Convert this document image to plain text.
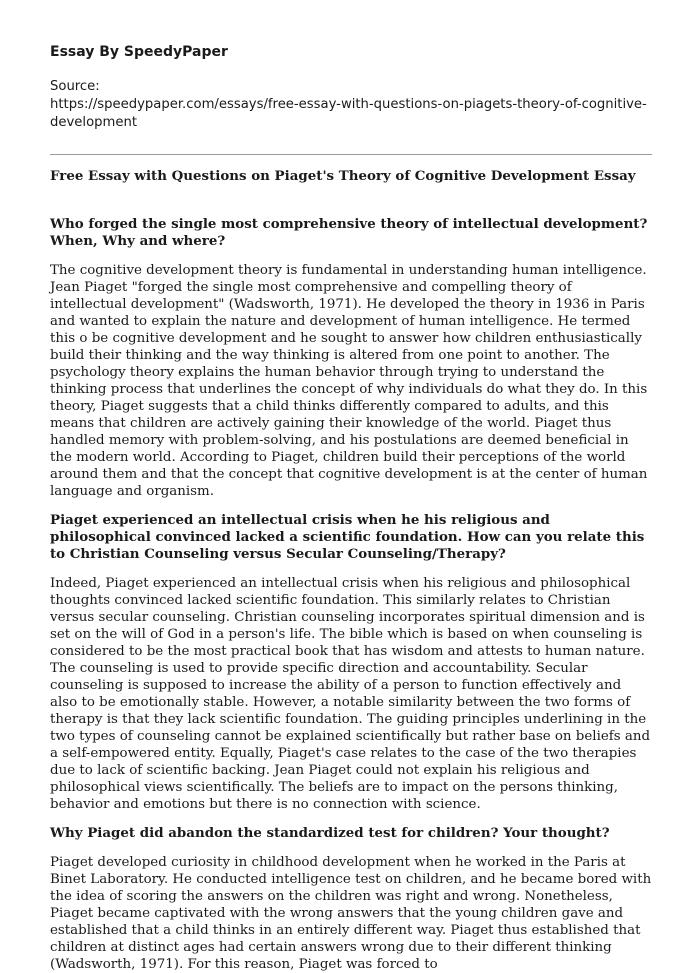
Essay By SpeedyPaper
Source:
https://speedypaper.com/essays/free-essay-with-questions-on-piagets-theory-of-cognitive-development
Free Essay with Questions on Piaget's Theory of Cognitive Development Essay

Who forged the single most comprehensive theory of intellectual development? When, Why and where?

The cognitive development theory is fundamental in understanding human intelligence. Jean Piaget "forged the single most comprehensive and compelling theory of intellectual development" (Wadsworth, 1971). He developed the theory in 1936 in Paris and wanted to explain the nature and development of human intelligence. He termed this o be cognitive development and he sought to answer how children enthusiastically build their thinking and the way thinking is altered from one point to another. The psychology theory explains the human behavior through trying to understand the thinking process that underlines the concept of why individuals do what they do. In this theory, Piaget suggests that a child thinks differently compared to adults, and this means that children are actively gaining their knowledge of the world. Piaget thus handled memory with problem-solving, and his postulations are deemed beneficial in the modern world. According to Piaget, children build their perceptions of the world around them and that the concept that cognitive development is at the center of human language and organism.

Piaget experienced an intellectual crisis when he his religious and philosophical convinced lacked a scientific foundation. How can you relate this to Christian Counseling versus Secular Counseling/Therapy?

Indeed, Piaget experienced an intellectual crisis when his religious and philosophical thoughts convinced lacked scientific foundation. This similarly relates to Christian versus secular counseling. Christian counseling incorporates spiritual dimension and is set on the will of God in a person's life. The bible which is based on when counseling is considered to be the most practical book that has wisdom and attests to human nature. The counseling is used to provide specific direction and accountability. Secular counseling is supposed to increase the ability of a person to function effectively and also to be emotionally stable. However, a notable similarity between the two forms of therapy is that they lack scientific foundation. The guiding principles underlining in the two types of counseling cannot be explained scientifically but rather base on beliefs and a self-empowered entity. Equally, Piaget's case relates to the case of the two therapies due to lack of scientific backing. Jean Piaget could not explain his religious and philosophical views scientifically. The beliefs are to impact on the persons thinking, behavior and emotions but there is no connection with science.

Why Piaget did abandon the standardized test for children? Your thought?

Piaget developed curiosity in childhood development when he worked in the Paris at Binet Laboratory. He conducted intelligence test on children, and he became bored with the idea of scoring the answers on the children was right and wrong. Nonetheless, Piaget became captivated with the wrong answers that the young children gave and established that a child thinks in an entirely different way. Piaget thus established that children at distinct ages had certain answers wrong due to their different thinking (Wadsworth, 1971). For this reason, Piaget was forced to
